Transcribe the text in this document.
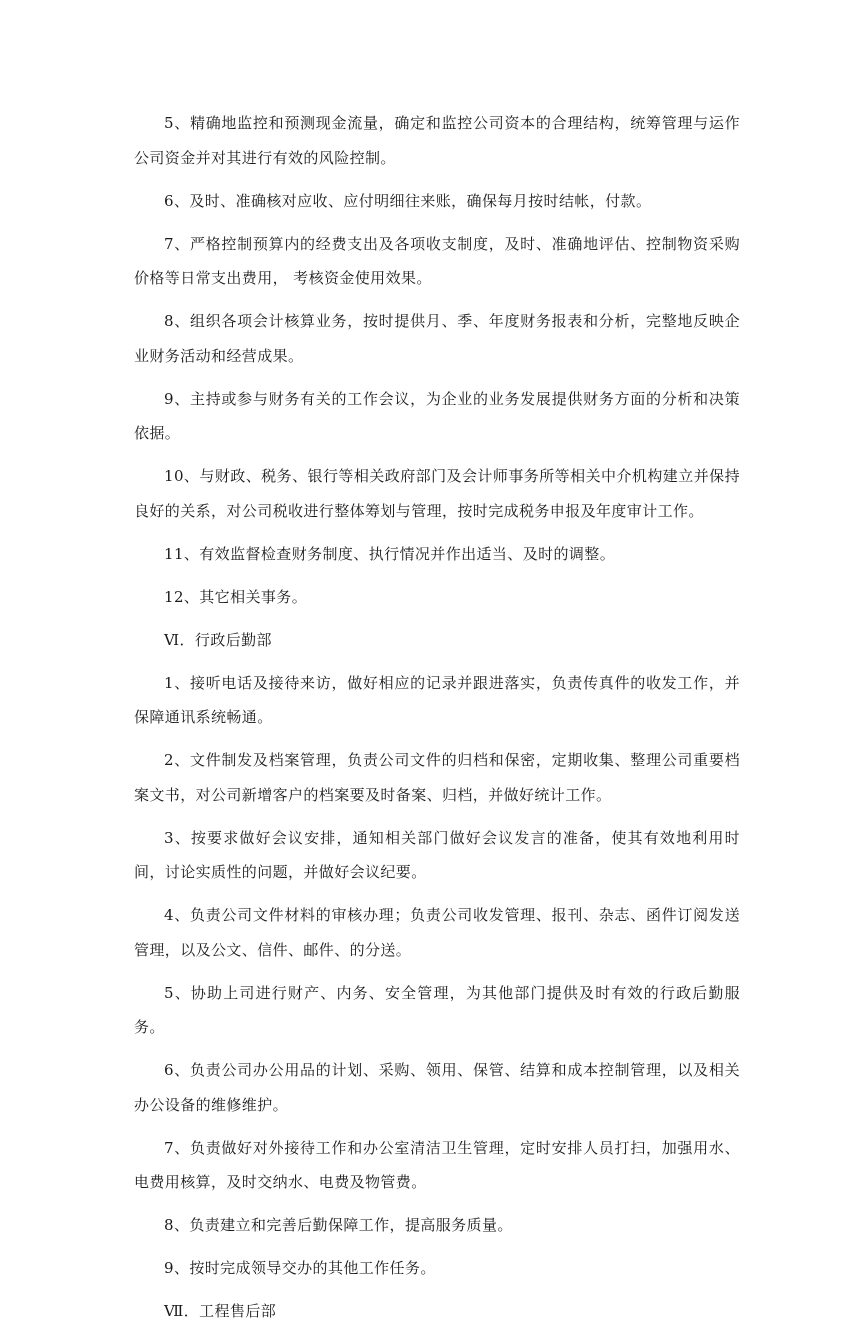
5、精确地监控和预测现金流量，确定和监控公司资本的合理结构，统筹管理与运作公司资金并对其进行有效的风险控制。

6、及时、准确核对应收、应付明细往来账，确保每月按时结帐，付款。

7、严格控制预算内的经费支出及各项收支制度，及时、准确地评估、控制物资采购价格等日常支出费用， 考核资金使用效果。

8、组织各项会计核算业务，按时提供月、季、年度财务报表和分析，完整地反映企业财务活动和经营成果。

9、主持或参与财务有关的工作会议，为企业的业务发展提供财务方面的分析和决策依据。

10、与财政、税务、银行等相关政府部门及会计师事务所等相关中介机构建立并保持良好的关系，对公司税收进行整体筹划与管理，按时完成税务申报及年度审计工作。

11、有效监督检查财务制度、执行情况并作出适当、及时的调整。

12、其它相关事务。

Ⅵ．行政后勤部

1、接听电话及接待来访，做好相应的记录并跟进落实，负责传真件的收发工作，并保障通讯系统畅通。

2、文件制发及档案管理，负责公司文件的归档和保密，定期收集、整理公司重要档案文书，对公司新增客户的档案要及时备案、归档，并做好统计工作。

3、按要求做好会议安排，通知相关部门做好会议发言的准备，使其有效地利用时间，讨论实质性的问题，并做好会议纪要。

4、负责公司文件材料的审核办理；负责公司收发管理、报刊、杂志、函件订阅发送管理，以及公文、信件、邮件、的分送。

5、协助上司进行财产、内务、安全管理，为其他部门提供及时有效的行政后勤服务。

6、负责公司办公用品的计划、采购、领用、保管、结算和成本控制管理，以及相关办公设备的维修维护。

7、负责做好对外接待工作和办公室清洁卫生管理，定时安排人员打扫，加强用水、电费用核算，及时交纳水、电费及物管费。

8、负责建立和完善后勤保障工作，提高服务质量。

9、按时完成领导交办的其他工作任务。

Ⅶ．工程售后部
